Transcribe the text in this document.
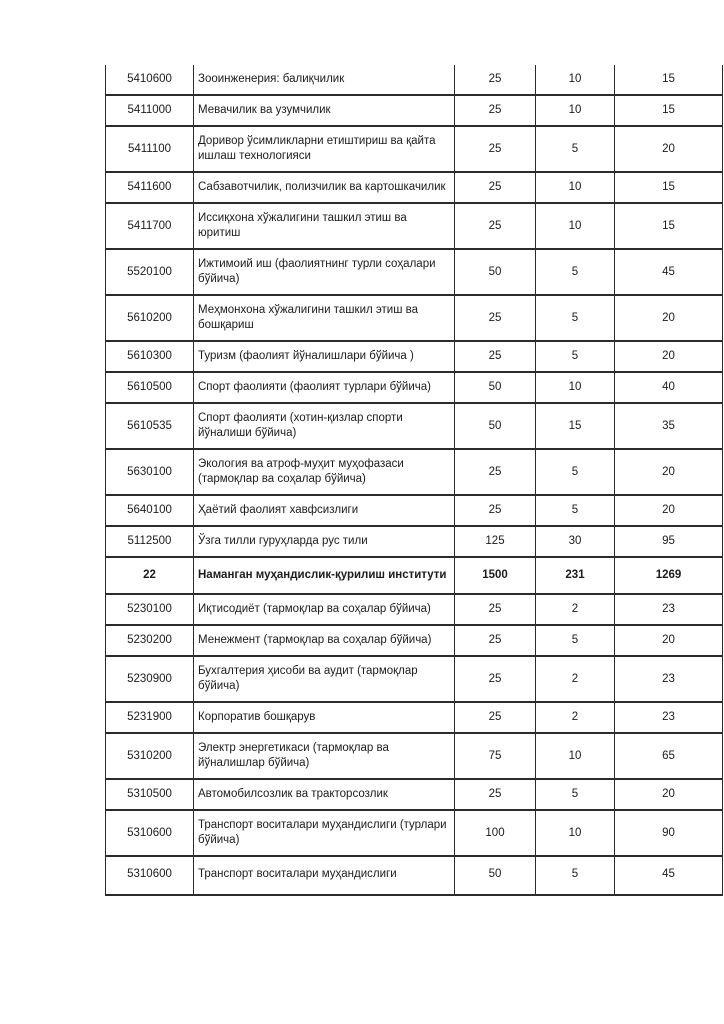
5410600	Зооинженерия: балиқчилик	25	10	15
5411000	Мевачилик ва узумчилик	25	10	15
5411100	Доривор ўсимликларни етиштириш ва қайта ишлаш технологияси	25	5	20
5411600	Сабзавотчилик, полизчилик ва картошкачилик	25	10	15
5411700	Иссиқхона хўжалигини ташкил этиш ва юритиш	25	10	15
5520100	Ижтимоий иш (фаолиятнинг турли соҳалари бўйича)	50	5	45
5610200	Меҳмонхона хўжалигини ташкил этиш ва бошқариш	25	5	20
5610300	Туризм (фаолият йўналишлари бўйича )	25	5	20
5610500	Спорт фаолияти (фаолият турлари бўйича)	50	10	40
5610535	Спорт фаолияти (хотин-қизлар спорти йўналиши бўйича)	50	15	35
5630100	Экология ва атроф-муҳит муҳофазаси (тармоқлар ва соҳалар бўйича)	25	5	20
5640100	Ҳаётий фаолият хавфсизлиги	25	5	20
5112500	Ўзга тилли гуруҳларда рус тили	125	30	95
22	Наманган муҳандислик-қурилиш институти	1500	231	1269
5230100	Иқтисодиёт (тармоқлар ва соҳалар бўйича)	25	2	23
5230200	Менежмент (тармоқлар ва соҳалар бўйича)	25	5	20
5230900	Бухгалтерия ҳисоби ва аудит (тармоқлар бўйича)	25	2	23
5231900	Корпоратив бошқарув	25	2	23
5310200	Электр энергетикаси (тармоқлар ва йўналишлар бўйича)	75	10	65
5310500	Автомобилсозлик ва тракторсозлик	25	5	20
5310600	Транспорт воситалари муҳандислиги (турлари бўйича)	100	10	90
5310600	Транспорт воситалари муҳандислиги	50	5	45
